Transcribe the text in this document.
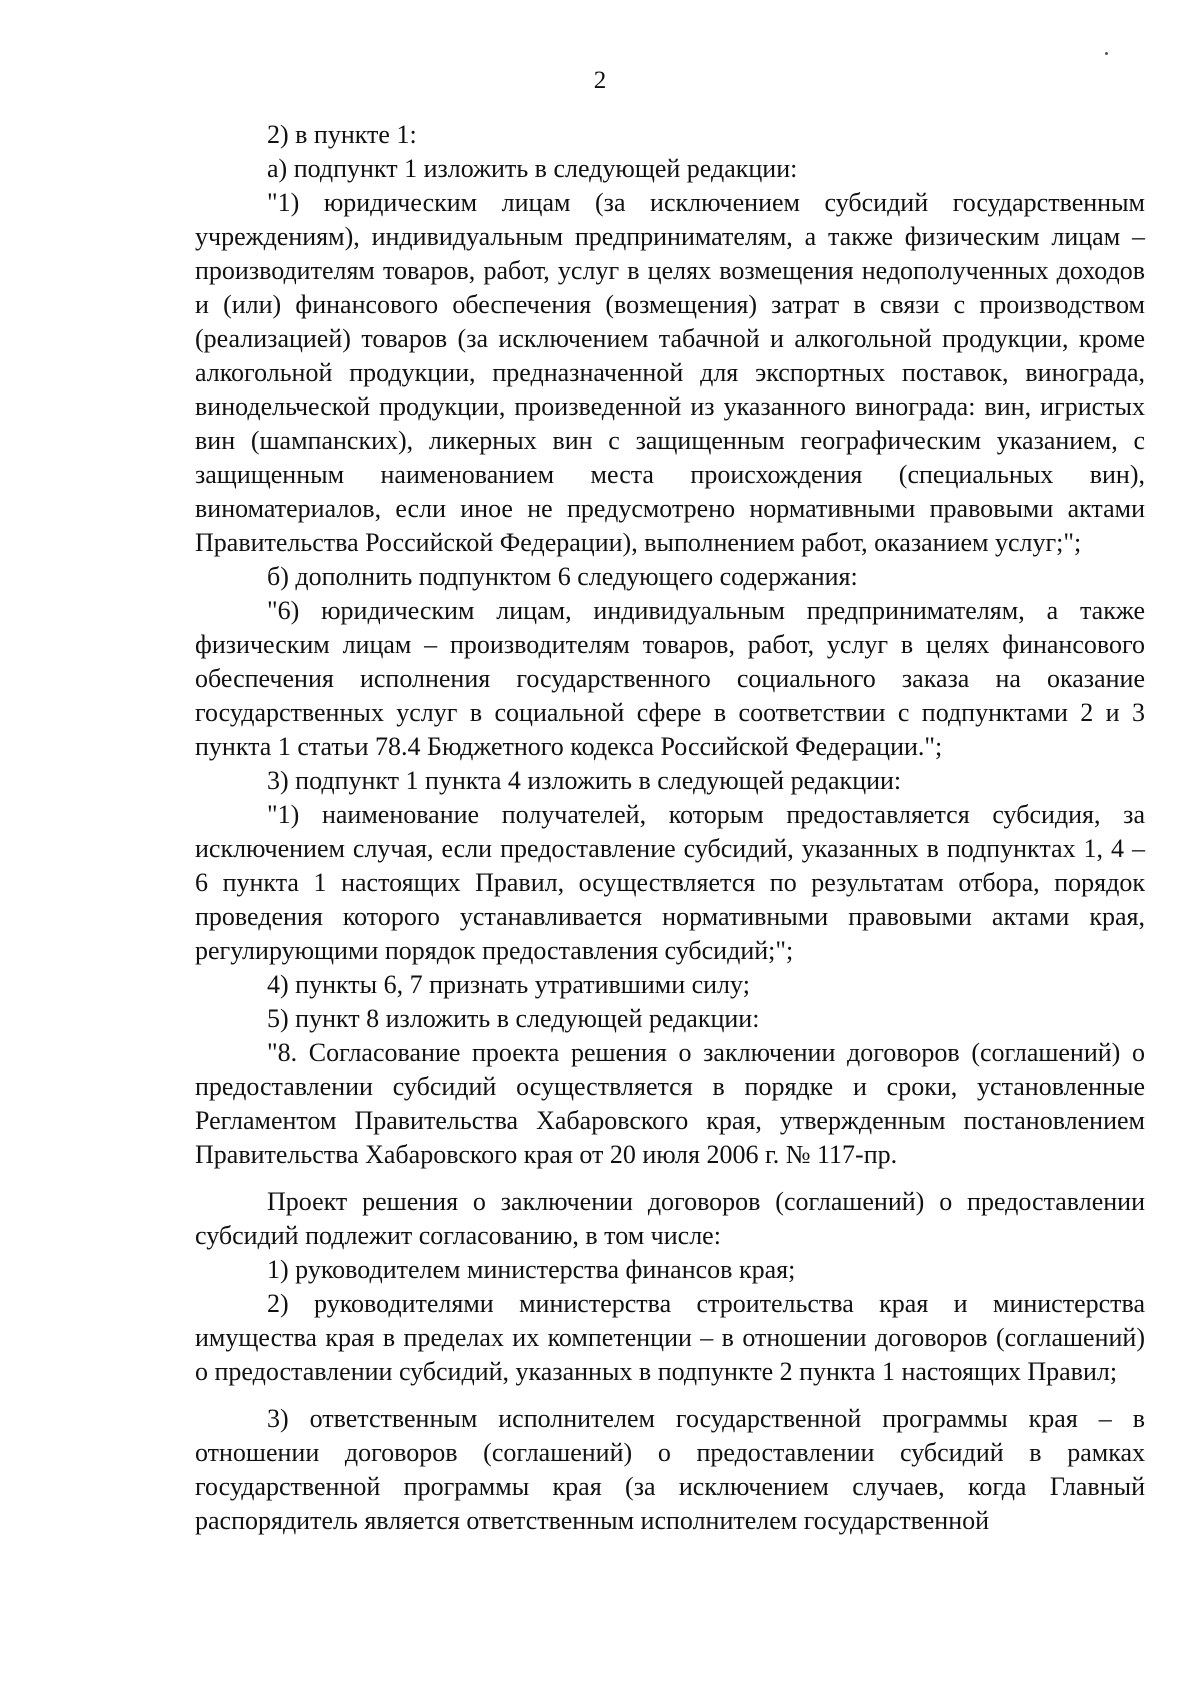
2

2) в пункте 1:

а) подпункт 1 изложить в следующей редакции:

"1) юридическим лицам (за исключением субсидий государственным учреждениям), индивидуальным предпринимателям, а также физическим лицам – производителям товаров, работ, услуг в целях возмещения недополученных доходов и (или) финансового обеспечения (возмещения) затрат в связи с производством (реализацией) товаров (за исключением табачной и алкогольной продукции, кроме алкогольной продукции, предназначенной для экспортных поставок, винограда, винодельческой продукции, произведенной из указанного винограда: вин, игристых вин (шампанских), ликерных вин с защищенным географическим указанием, с защищенным наименованием места происхождения (специальных вин), виноматериалов, если иное не предусмотрено нормативными правовыми актами Правительства Российской Федерации), выполнением работ, оказанием услуг;";

б) дополнить подпунктом 6 следующего содержания:

"6) юридическим лицам, индивидуальным предпринимателям, а также физическим лицам – производителям товаров, работ, услуг в целях финансового обеспечения исполнения государственного социального заказа на оказание государственных услуг в социальной сфере в соответствии с подпунктами 2 и 3 пункта 1 статьи 78.4 Бюджетного кодекса Российской Федерации.";

3) подпункт 1 пункта 4 изложить в следующей редакции:

"1) наименование получателей, которым предоставляется субсидия, за исключением случая, если предоставление субсидий, указанных в подпунктах 1, 4 – 6 пункта 1 настоящих Правил, осуществляется по результатам отбора, порядок проведения которого устанавливается нормативными правовыми актами края, регулирующими порядок предоставления субсидий;";

4) пункты 6, 7 признать утратившими силу;

5) пункт 8 изложить в следующей редакции:

"8. Согласование проекта решения о заключении договоров (соглашений) о предоставлении субсидий осуществляется в порядке и сроки, установленные Регламентом Правительства Хабаровского края, утвержденным постановлением Правительства Хабаровского края от 20 июля 2006 г. № 117-пр.

Проект решения о заключении договоров (соглашений) о предоставлении субсидий подлежит согласованию, в том числе:

1) руководителем министерства финансов края;

2) руководителями министерства строительства края и министерства имущества края в пределах их компетенции – в отношении договоров (соглашений) о предоставлении субсидий, указанных в подпункте 2 пункта 1 настоящих Правил;

3) ответственным исполнителем государственной программы края – в отношении договоров (соглашений) о предоставлении субсидий в рамках государственной программы края (за исключением случаев, когда Главный распорядитель является ответственным исполнителем государственной
